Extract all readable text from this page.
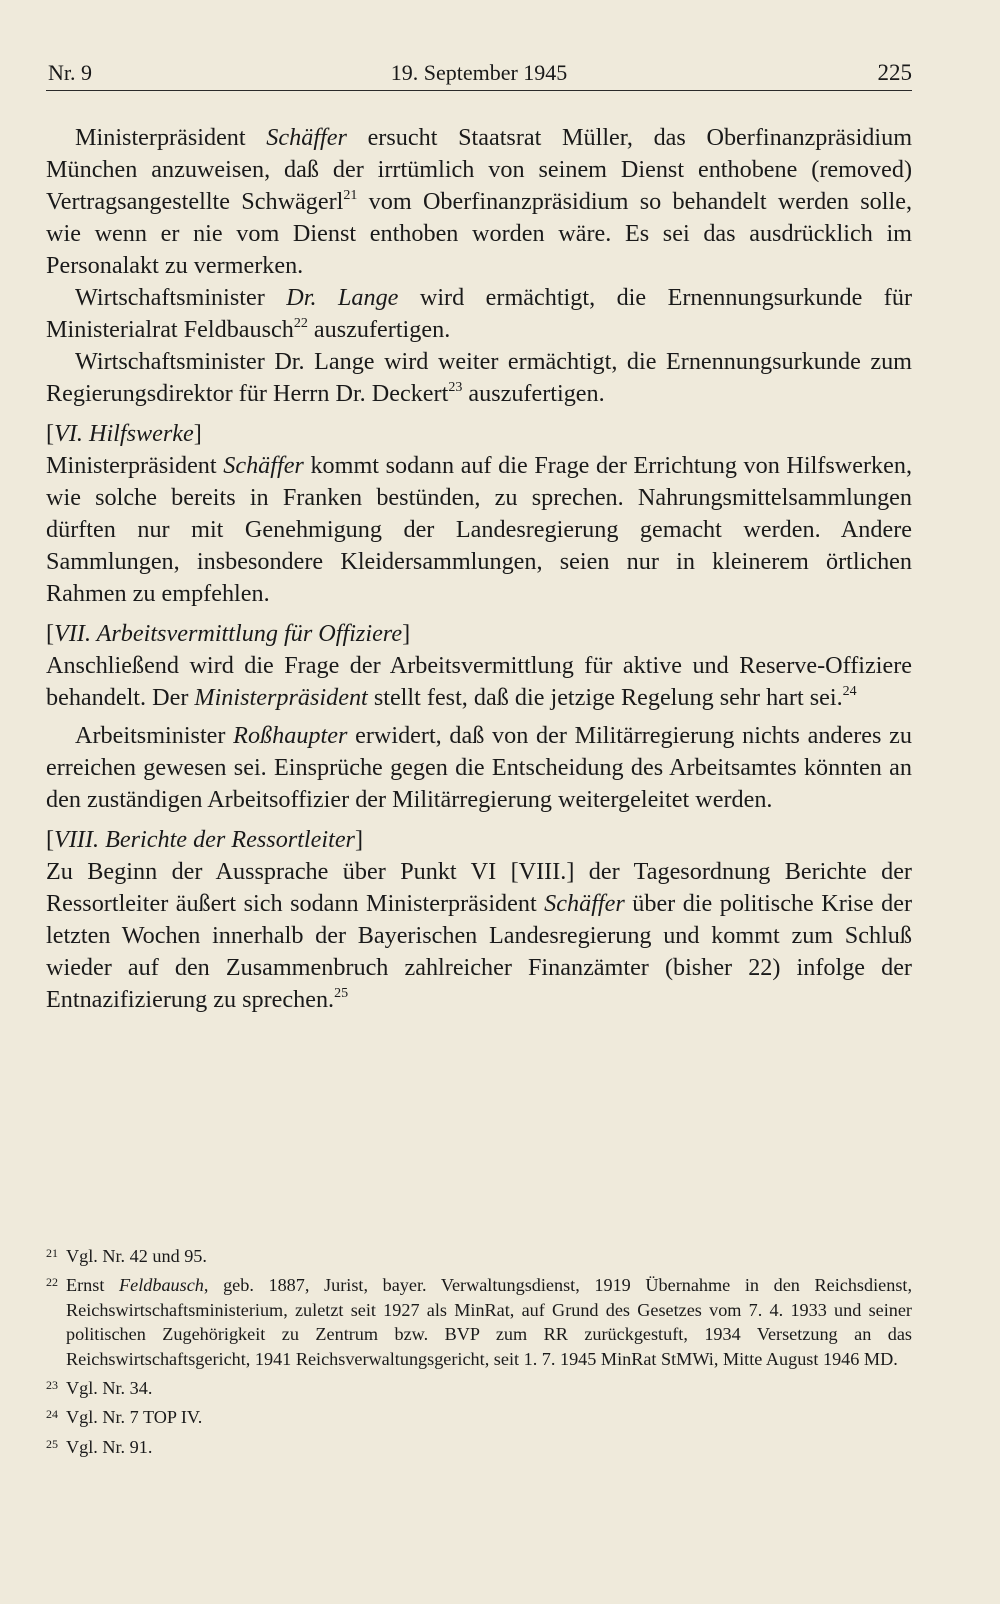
Nr. 9	19. September 1945	225

Ministerpräsident Schäffer ersucht Staatsrat Müller, das Oberfinanzpräsidium München anzuweisen, daß der irrtümlich von seinem Dienst enthobene (removed) Vertragsangestellte Schwägerl$^{21}$ vom Oberfinanzpräsidium so behandelt werden solle, wie wenn er nie vom Dienst enthoben worden wäre. Es sei das ausdrücklich im Personalakt zu vermerken.

Wirtschaftsminister Dr. Lange wird ermächtigt, die Ernennungsurkunde für Ministerialrat Feldbausch$^{22}$ auszufertigen.

Wirtschaftsminister Dr. Lange wird weiter ermächtigt, die Ernennungsurkunde zum Regierungsdirektor für Herrn Dr. Deckert$^{23}$ auszufertigen.

[VI. Hilfswerke]

Ministerpräsident Schäffer kommt sodann auf die Frage der Errichtung von Hilfswerken, wie solche bereits in Franken bestünden, zu sprechen. Nahrungsmittelsammlungen dürften nur mit Genehmigung der Landesregierung gemacht werden. Andere Sammlungen, insbesondere Kleidersammlungen, seien nur in kleinerem örtlichen Rahmen zu empfehlen.

[VII. Arbeitsvermittlung für Offiziere]

Anschließend wird die Frage der Arbeitsvermittlung für aktive und Reserve-Offiziere behandelt. Der Ministerpräsident stellt fest, daß die jetzige Regelung sehr hart sei.$^{24}$

Arbeitsminister Roßhaupter erwidert, daß von der Militärregierung nichts anderes zu erreichen gewesen sei. Einsprüche gegen die Entscheidung des Arbeitsamtes könnten an den zuständigen Arbeitsoffizier der Militärregierung weitergeleitet werden.

[VIII. Berichte der Ressortleiter]

Zu Beginn der Aussprache über Punkt VI [VIII.] der Tagesordnung Berichte der Ressortleiter äußert sich sodann Ministerpräsident Schäffer über die politische Krise der letzten Wochen innerhalb der Bayerischen Landesregierung und kommt zum Schluß wieder auf den Zusammenbruch zahlreicher Finanzämter (bisher 22) infolge der Entnazifizierung zu sprechen.$^{25}$

21 Vgl. Nr. 42 und 95.
22 Ernst Feldbausch, geb. 1887, Jurist, bayer. Verwaltungsdienst, 1919 Übernahme in den Reichsdienst, Reichswirtschaftsministerium, zuletzt seit 1927 als MinRat, auf Grund des Gesetzes vom 7. 4. 1933 und seiner politischen Zugehörigkeit zu Zentrum bzw. BVP zum RR zurückgestuft, 1934 Versetzung an das Reichswirtschaftsgericht, 1941 Reichsverwaltungsgericht, seit 1. 7. 1945 MinRat StMWi, Mitte August 1946 MD.
23 Vgl. Nr. 34.
24 Vgl. Nr. 7 TOP IV.
25 Vgl. Nr. 91.
